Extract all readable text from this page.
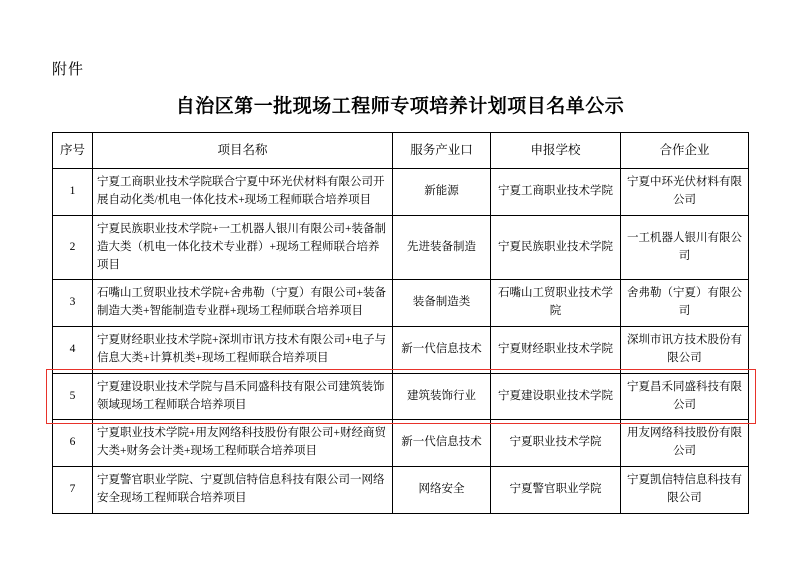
附件
自治区第一批现场工程师专项培养计划项目名单公示
序号	项目名称	服务产业口	申报学校	合作企业
1	宁夏工商职业技术学院联合宁夏中环光伏材料有限公司开展自动化类/机电一体化技术+现场工程师联合培养项目	新能源	宁夏工商职业技术学院	宁夏中环光伏材料有限公司
2	宁夏民族职业技术学院+一工机器人银川有限公司+装备制造大类（机电一体化技术专业群）+现场工程师联合培养项目	先进装备制造	宁夏民族职业技术学院	一工机器人银川有限公司
3	石嘴山工贸职业技术学院+舍弗勒（宁夏）有限公司+装备制造大类+智能制造专业群+现场工程师联合培养项目	装备制造类	石嘴山工贸职业技术学院	舍弗勒（宁夏）有限公司
4	宁夏财经职业技术学院+深圳市讯方技术有限公司+电子与信息大类+计算机类+现场工程师联合培养项目	新一代信息技术	宁夏财经职业技术学院	深圳市讯方技术股份有限公司
5	宁夏建设职业技术学院与昌禾同盛科技有限公司建筑装饰领域现场工程师联合培养项目	建筑装饰行业	宁夏建设职业技术学院	宁夏昌禾同盛科技有限公司
6	宁夏职业技术学院+用友网络科技股份有限公司+财经商贸大类+财务会计类+现场工程师联合培养项目	新一代信息技术	宁夏职业技术学院	用友网络科技股份有限公司
7	宁夏警官职业学院、宁夏凯信特信息科技有限公司一网络安全现场工程师联合培养项目	网络安全	宁夏警官职业学院	宁夏凯信特信息科技有限公司
